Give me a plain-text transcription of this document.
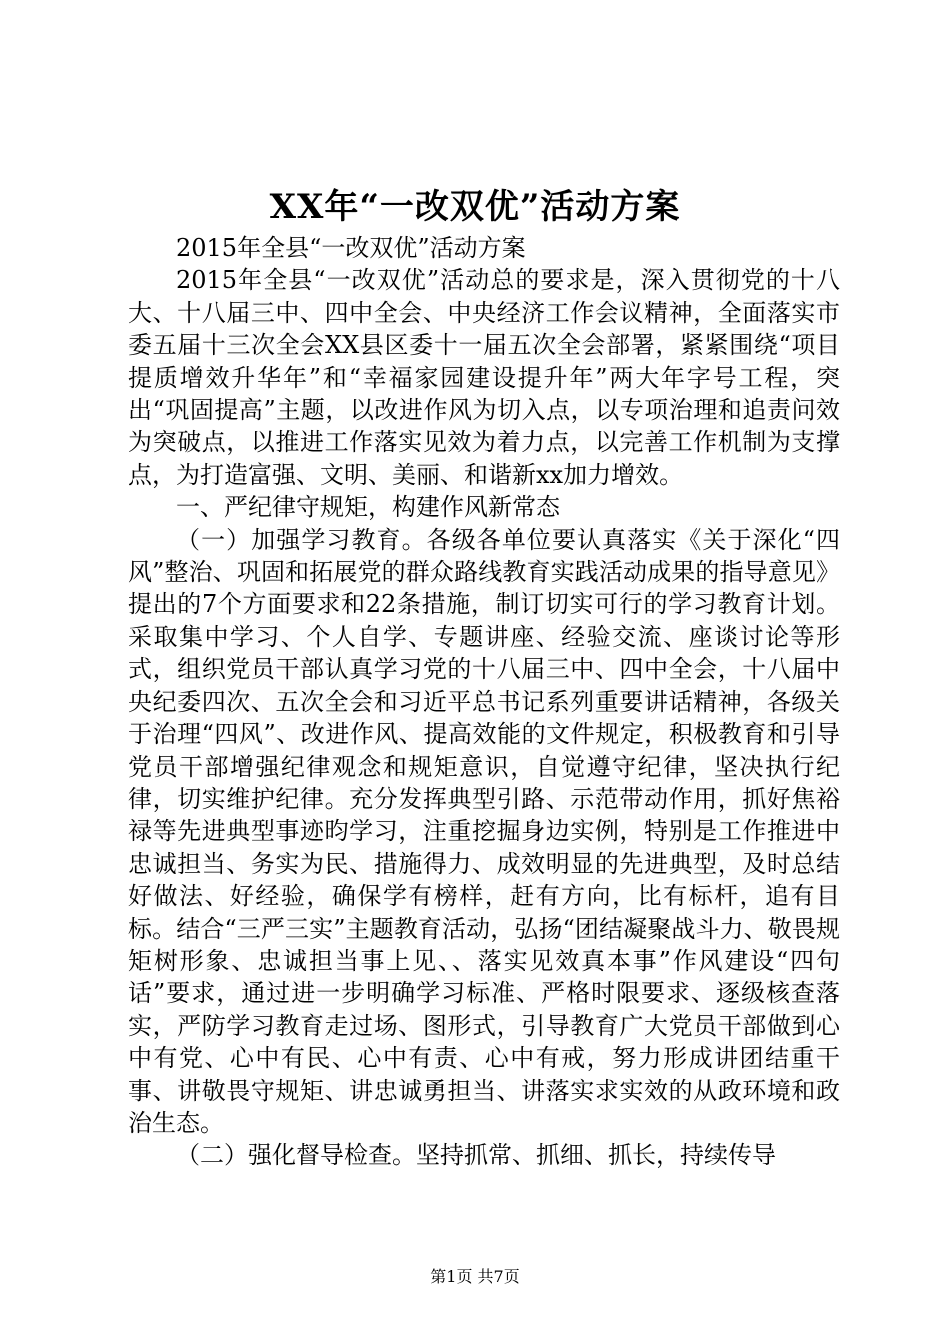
XX年“一改双优”活动方案

2015年全县“一改双优”活动方案

2015年全县“一改双优”活动总的要求是，深入贯彻党的十八大、十八届三中、四中全会、中央经济工作会议精神，全面落实市委五届十三次全会XX县区委十一届五次全会部署，紧紧围绕“项目提质增效升华年”和“幸福家园建设提升年”两大年字号工程，突出“巩固提高”主题，以改进作风为切入点，以专项治理和追责问效为突破点，以推进工作落实见效为着力点，以完善工作机制为支撑点，为打造富强、文明、美丽、和谐新xx加力增效。

一、严纪律守规矩，构建作风新常态

（一）加强学习教育。各级各单位要认真落实《关于深化“四风”整治、巩固和拓展党的群众路线教育实践活动成果的指导意见》提出的7个方面要求和22条措施，制订切实可行的学习教育计划。采取集中学习、个人自学、专题讲座、经验交流、座谈讨论等形式，组织党员干部认真学习党的十八届三中、四中全会，十八届中央纪委四次、五次全会和习近平总书记系列重要讲话精神，各级关于治理“四风”、改进作风、提高效能的文件规定，积极教育和引导党员干部增强纪律观念和规矩意识，自觉遵守纪律，坚决执行纪律，切实维护纪律。充分发挥典型引路、示范带动作用，抓好焦裕禄等先进典型事迹昀学习，注重挖掘身边实例，特别是工作推进中忠诚担当、务实为民、措施得力、成效明显的先进典型，及时总结好做法、好经验，确保学有榜样，赶有方向，比有标杆，追有目标。结合“三严三实”主题教育活动，弘扬“团结凝聚战斗力、敬畏规矩树形象、忠诚担当事上见、、落实见效真本事”作风建设“四句话”要求，通过进一步明确学习标准、严格时限要求、逐级核查落实，严防学习教育走过场、图形式，引导教育广大党员干部做到心中有党、心中有民、心中有责、心中有戒，努力形成讲团结重干事、讲敬畏守规矩、讲忠诚勇担当、讲落实求实效的从政环境和政治生态。

（二）强化督导检查。坚持抓常、抓细、抓长，持续传导

第1页 共7页
